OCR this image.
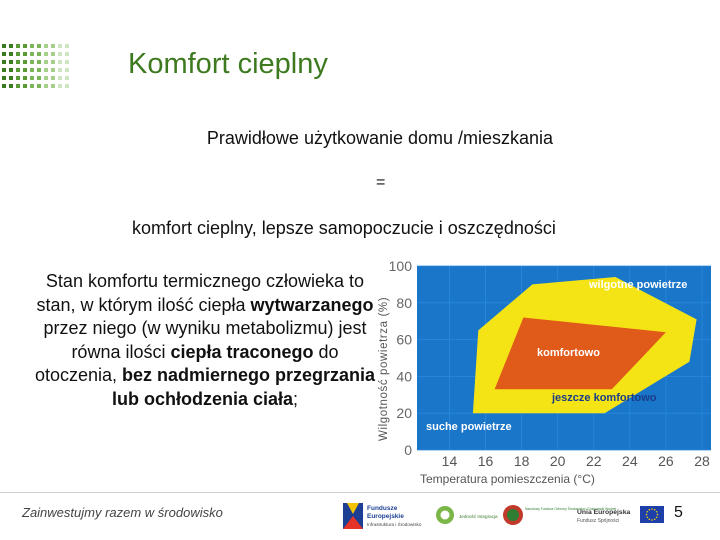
Komfort cieplny
Prawidłowe użytkowanie domu /mieszkania
=
komfort cieplny, lepsze samopoczucie i oszczędności
Stan komfortu termicznego człowieka to stan, w którym ilość ciepła wytwarzanego przez niego (w wyniku metabolizmu) jest równa ilości ciepła traconego do otoczenia, bez nadmiernego przegrzania lub ochłodzenia ciała;	Wilgotność powietrza (%)
wilgotne powietrze
komfortowo
jeszcze komfortowo
suche powietrze
0
20
40
60
80
100
14 16 18 20 22 24 26 28
Temperatura pomieszczenia (°C)
Zainwestujmy razem w środowisko	Fundusze
Europejskie
Infrastruktura i Środowisko
Jedność Integracja
Narodowy Fundusz Ochrony Środowiska i Gospodarki Wodnej
Unia Europejska
Fundusz Spójności	5
